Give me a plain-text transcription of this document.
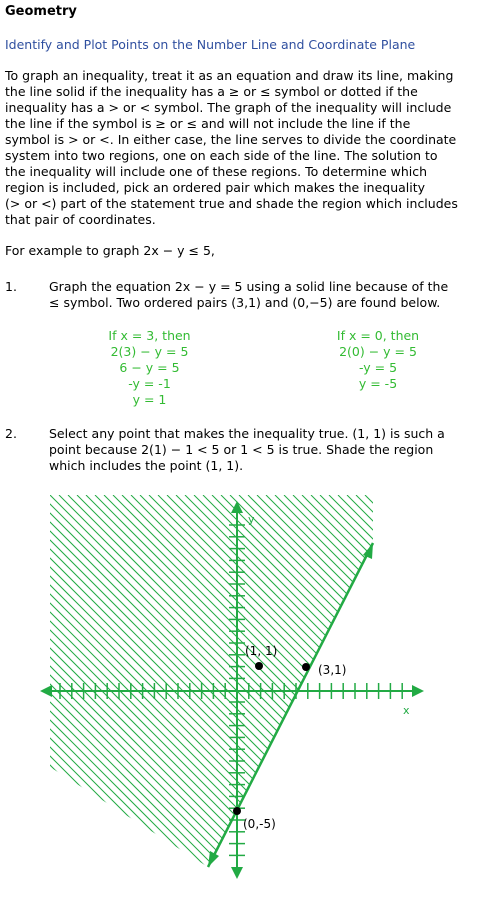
Geometry
Identify and Plot Points on the Number Line and Coordinate Plane
To graph an inequality, treat it as an equation and draw its line, making
the line solid if the inequality has a ≥ or ≤ symbol or dotted if the
inequality has a > or < symbol. The graph of the inequality will include
the line if the symbol is ≥ or ≤ and will not include the line if the
symbol is > or <. In either case, the line serves to divide the coordinate
system into two regions, one on each side of the line. The solution to
the inequality will include one of these regions. To determine which
region is included, pick an ordered pair which makes the inequality
(> or <) part of the statement true and shade the region which includes
that pair of coordinates.
For example to graph 2x − y ≤ 5,
1.	Graph the equation 2x − y = 5 using a solid line because of the
≤ symbol. Two ordered pairs (3,1) and (0,−5) are found below.
If x = 3, then
2(3) − y = 5
6 − y = 5
-y = -1
y = 1
If x = 0, then
2(0) − y = 5
-y = 5
y = -5
2.	Select any point that makes the inequality true. (1, 1) is such a
point because 2(1) − 1 < 5 or 1 < 5 is true. Shade the region
which includes the point (1, 1).
(1, 1)
(3,1)
(0,-5)
x
y
